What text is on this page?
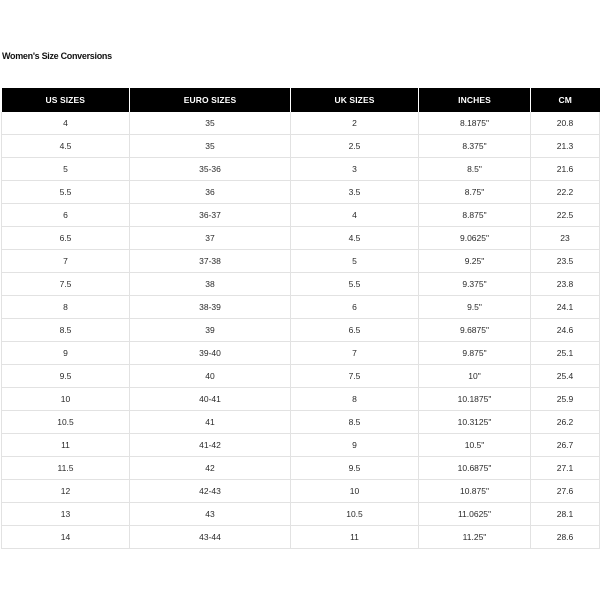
Women's Size Conversions
US SIZES	EURO SIZES	UK SIZES	INCHES	CM
4	35	2	8.1875"	20.8
4.5	35	2.5	8.375"	21.3
5	35-36	3	8.5"	21.6
5.5	36	3.5	8.75"	22.2
6	36-37	4	8.875"	22.5
6.5	37	4.5	9.0625"	23
7	37-38	5	9.25"	23.5
7.5	38	5.5	9.375"	23.8
8	38-39	6	9.5"	24.1
8.5	39	6.5	9.6875"	24.6
9	39-40	7	9.875"	25.1
9.5	40	7.5	10"	25.4
10	40-41	8	10.1875"	25.9
10.5	41	8.5	10.3125"	26.2
11	41-42	9	10.5"	26.7
11.5	42	9.5	10.6875"	27.1
12	42-43	10	10.875"	27.6
13	43	10.5	11.0625"	28.1
14	43-44	11	11.25"	28.6
